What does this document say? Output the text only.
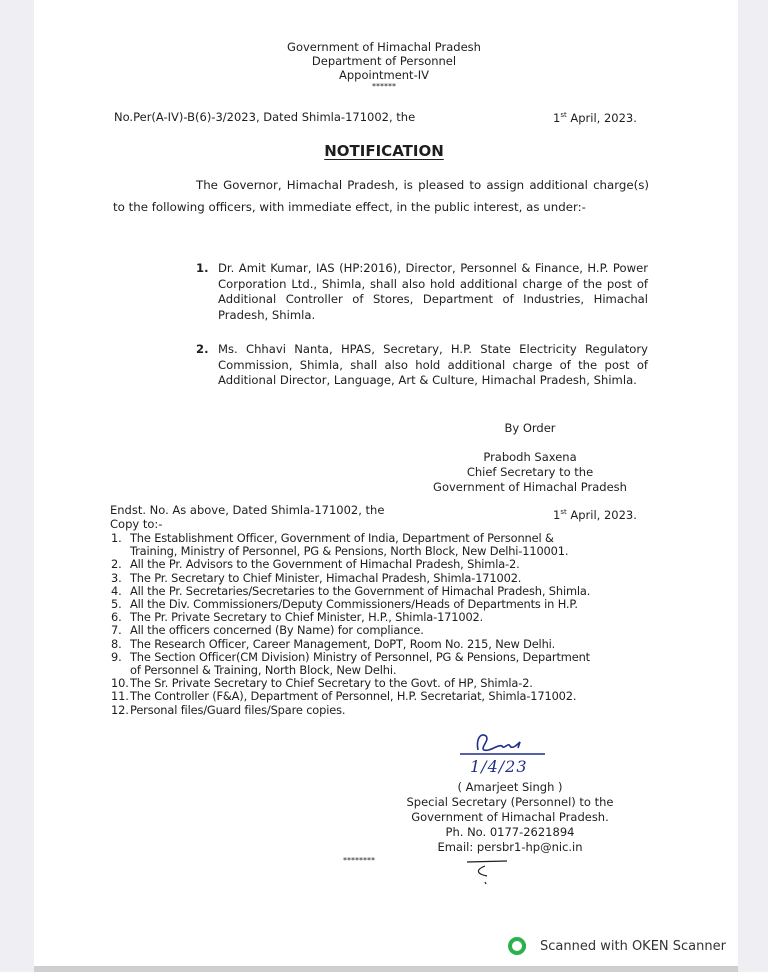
Government of Himachal Pradesh
Department of Personnel
Appointment-IV
******
No.Per(A-IV)-B(6)-3/2023, Dated Shimla-171002, the	1st April, 2023.
NOTIFICATION
The Governor, Himachal Pradesh, is pleased to assign additional charge(s) to the following officers, with immediate effect, in the public interest, as under:-
1. Dr. Amit Kumar, IAS (HP:2016), Director, Personnel & Finance, H.P. Power Corporation Ltd., Shimla, shall also hold additional charge of the post of Additional Controller of Stores, Department of Industries, Himachal Pradesh, Shimla.
2. Ms. Chhavi Nanta, HPAS, Secretary, H.P. State Electricity Regulatory Commission, Shimla, shall also hold additional charge of the post of Additional Director, Language, Art & Culture, Himachal Pradesh, Shimla.
By Order
Prabodh Saxena
Chief Secretary to the
Government of Himachal Pradesh
Endst. No. As above, Dated Shimla-171002, the	1st April, 2023.
Copy to:-
1. The Establishment Officer, Government of India, Department of Personnel &
Training, Ministry of Personnel, PG & Pensions, North Block, New Delhi-110001.
2. All the Pr. Advisors to the Government of Himachal Pradesh, Shimla-2.
3. The Pr. Secretary to Chief Minister, Himachal Pradesh, Shimla-171002.
4. All the Pr. Secretaries/Secretaries to the Government of Himachal Pradesh, Shimla.
5. All the Div. Commissioners/Deputy Commissioners/Heads of Departments in H.P.
6. The Pr. Private Secretary to Chief Minister, H.P., Shimla-171002.
7. All the officers concerned (By Name) for compliance.
8. The Research Officer, Career Management, DoPT, Room No. 215, New Delhi.
9. The Section Officer(CM Division) Ministry of Personnel, PG & Pensions, Department
of Personnel & Training, North Block, New Delhi.
10. The Sr. Private Secretary to Chief Secretary to the Govt. of HP, Shimla-2.
11. The Controller (F&A), Department of Personnel, H.P. Secretariat, Shimla-171002.
12. Personal files/Guard files/Spare copies.
1/4/23
( Amarjeet Singh )
Special Secretary (Personnel) to the
Government of Himachal Pradesh.
Ph. No. 0177-2621894
Email: persbr1-hp@nic.in
********
Scanned with OKEN Scanner
